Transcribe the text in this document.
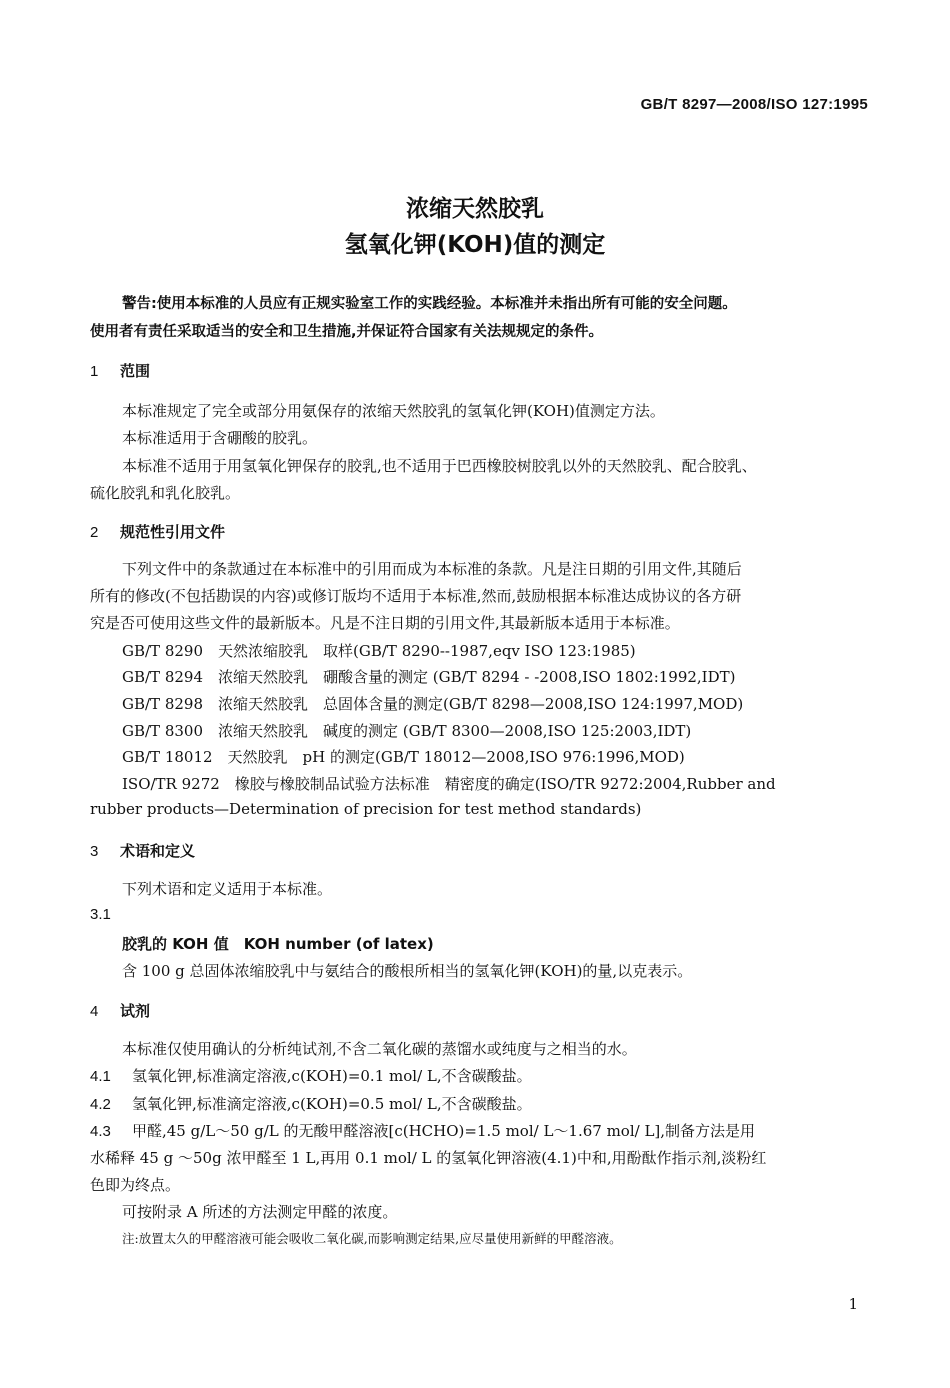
GB/T 8297—2008/ISO 127:1995
浓缩天然胶乳
氢氧化钾(KOH)值的测定
警告:使用本标准的人员应有正规实验室工作的实践经验。本标准并未指出所有可能的安全问题。
使用者有责任采取适当的安全和卫生措施,并保证符合国家有关法规规定的条件。
1 范围
本标准规定了完全或部分用氨保存的浓缩天然胶乳的氢氧化钾(KOH)值测定方法。
本标准适用于含硼酸的胶乳。
本标准不适用于用氢氧化钾保存的胶乳,也不适用于巴西橡胶树胶乳以外的天然胶乳、配合胶乳、
硫化胶乳和乳化胶乳。
2 规范性引用文件
下列文件中的条款通过在本标准中的引用而成为本标准的条款。凡是注日期的引用文件,其随后
所有的修改(不包括勘误的内容)或修订版均不适用于本标准,然而,鼓励根据本标准达成协议的各方研
究是否可使用这些文件的最新版本。凡是不注日期的引用文件,其最新版本适用于本标准。
GB/T 8290　天然浓缩胶乳　取样(GB/T 8290--1987,eqv ISO 123:1985)
GB/T 8294　浓缩天然胶乳　硼酸含量的测定 (GB/T 8294 - -2008,ISO 1802:1992,IDT)
GB/T 8298　浓缩天然胶乳　总固体含量的测定(GB/T 8298—2008,ISO 124:1997,MOD)
GB/T 8300　浓缩天然胶乳　碱度的测定 (GB/T 8300—2008,ISO 125:2003,IDT)
GB/T 18012　天然胶乳　pH 的测定(GB/T 18012—2008,ISO 976:1996,MOD)
ISO/TR 9272　橡胶与橡胶制品试验方法标准　精密度的确定(ISO/TR 9272:2004,Rubber and
rubber products—Determination of precision for test method standards)
3 术语和定义
下列术语和定义适用于本标准。
3.1
胶乳的 KOH 值　KOH number (of latex)
含 100 g 总固体浓缩胶乳中与氨结合的酸根所相当的氢氧化钾(KOH)的量,以克表示。
4 试剂
本标准仅使用确认的分析纯试剂,不含二氧化碳的蒸馏水或纯度与之相当的水。
4.1 氢氧化钾,标准滴定溶液,c(KOH)=0.1 mol/ L,不含碳酸盐。
4.2 氢氧化钾,标准滴定溶液,c(KOH)=0.5 mol/ L,不含碳酸盐。
4.3 甲醛,45 g/L～50 g/L 的无酸甲醛溶液[c(HCHO)=1.5 mol/ L～1.67 mol/ L],制备方法是用
水稀释 45 g ～50g 浓甲醛至 1 L,再用 0.1 mol/ L 的氢氧化钾溶液(4.1)中和,用酚酞作指示剂,淡粉红
色即为终点。
可按附录 A 所述的方法测定甲醛的浓度。
注:放置太久的甲醛溶液可能会吸收二氧化碳,而影响测定结果,应尽量使用新鲜的甲醛溶液。
1
